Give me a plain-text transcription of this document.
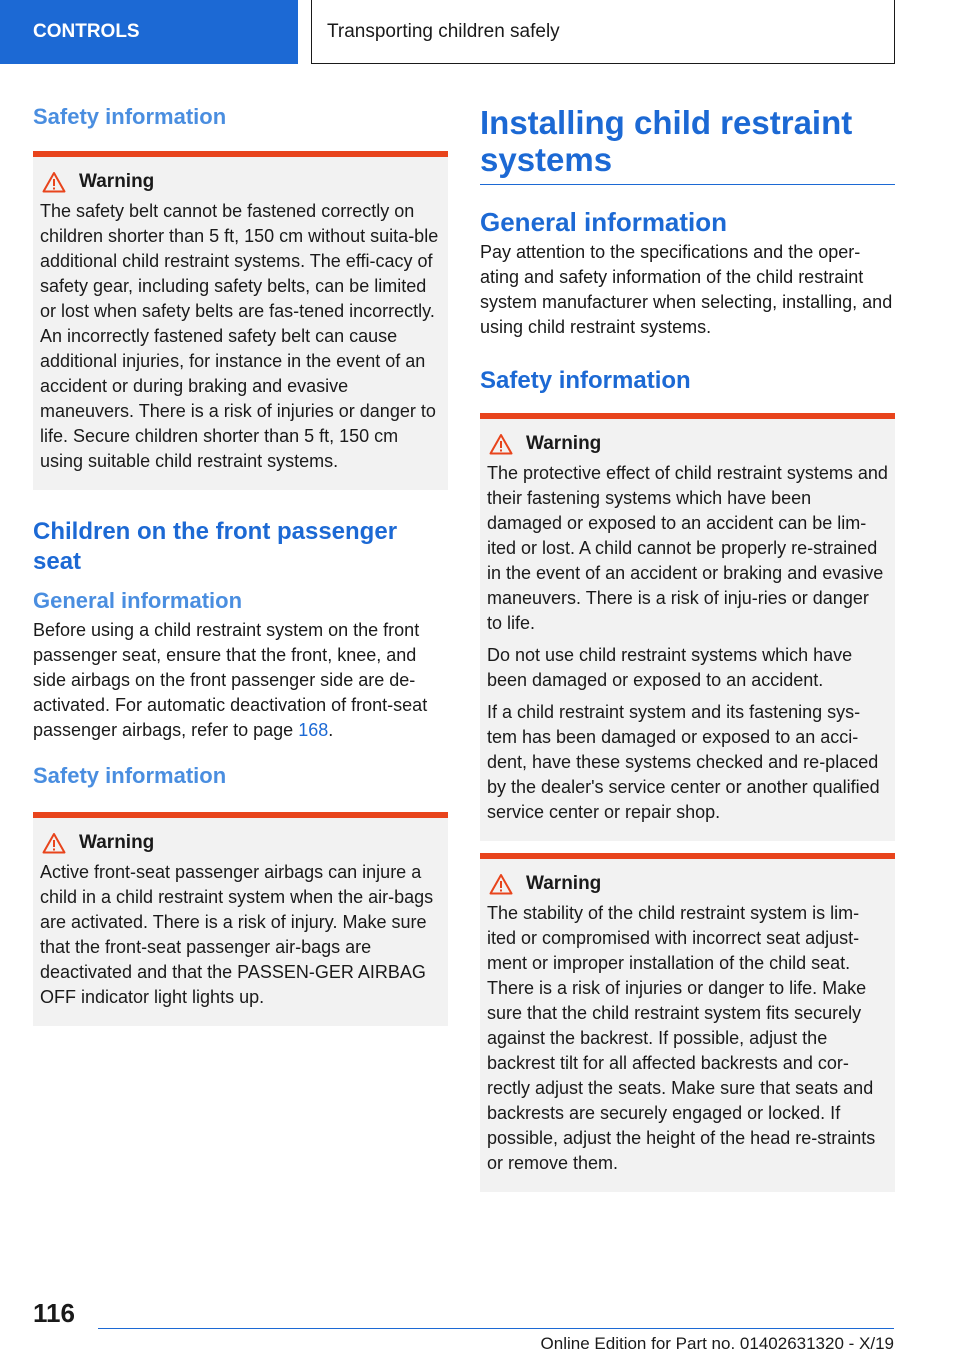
CONTROLS	Transporting children safely
Safety information
Warning

The safety belt cannot be fastened correctly on children shorter than 5 ft, 150 cm without suita-ble additional child restraint systems. The effi-cacy of safety gear, including safety belts, can be limited or lost when safety belts are fas-tened incorrectly. An incorrectly fastened safety belt can cause additional injuries, for instance in the event of an accident or during braking and evasive maneuvers. There is a risk of injuries or danger to life. Secure children shorter than 5 ft, 150 cm using suitable child restraint systems.

Children on the front passenger seat
General information

Before using a child restraint system on the front passenger seat, ensure that the front, knee, and side airbags on the front passenger side are de-activated. For automatic deactivation of front-seat passenger airbags, refer to page 168.

Safety information
Warning

Active front-seat passenger airbags can injure a child in a child restraint system when the air-bags are activated. There is a risk of injury. Make sure that the front-seat passenger air-bags are deactivated and that the PASSEN-GER AIRBAG OFF indicator light lights up.

Installing child restraint systems
General information

Pay attention to the specifications and the oper-ating and safety information of the child restraint system manufacturer when selecting, installing, and using child restraint systems.

Safety information
Warning

The protective effect of child restraint systems and their fastening systems which have been damaged or exposed to an accident can be lim-ited or lost. A child cannot be properly re-strained in the event of an accident or braking and evasive maneuvers. There is a risk of inju-ries or danger to life.

Do not use child restraint systems which have been damaged or exposed to an accident.

If a child restraint system and its fastening sys-tem has been damaged or exposed to an acci-dent, have these systems checked and re-placed by the dealer's service center or another qualified service center or repair shop.

Warning

The stability of the child restraint system is lim-ited or compromised with incorrect seat adjust-ment or improper installation of the child seat. There is a risk of injuries or danger to life. Make sure that the child restraint system fits securely against the backrest. If possible, adjust the backrest tilt for all affected backrests and cor-rectly adjust the seats. Make sure that seats and backrests are securely engaged or locked. If possible, adjust the height of the head re-straints or remove them.

116
Online Edition for Part no. 01402631320 - X/19
